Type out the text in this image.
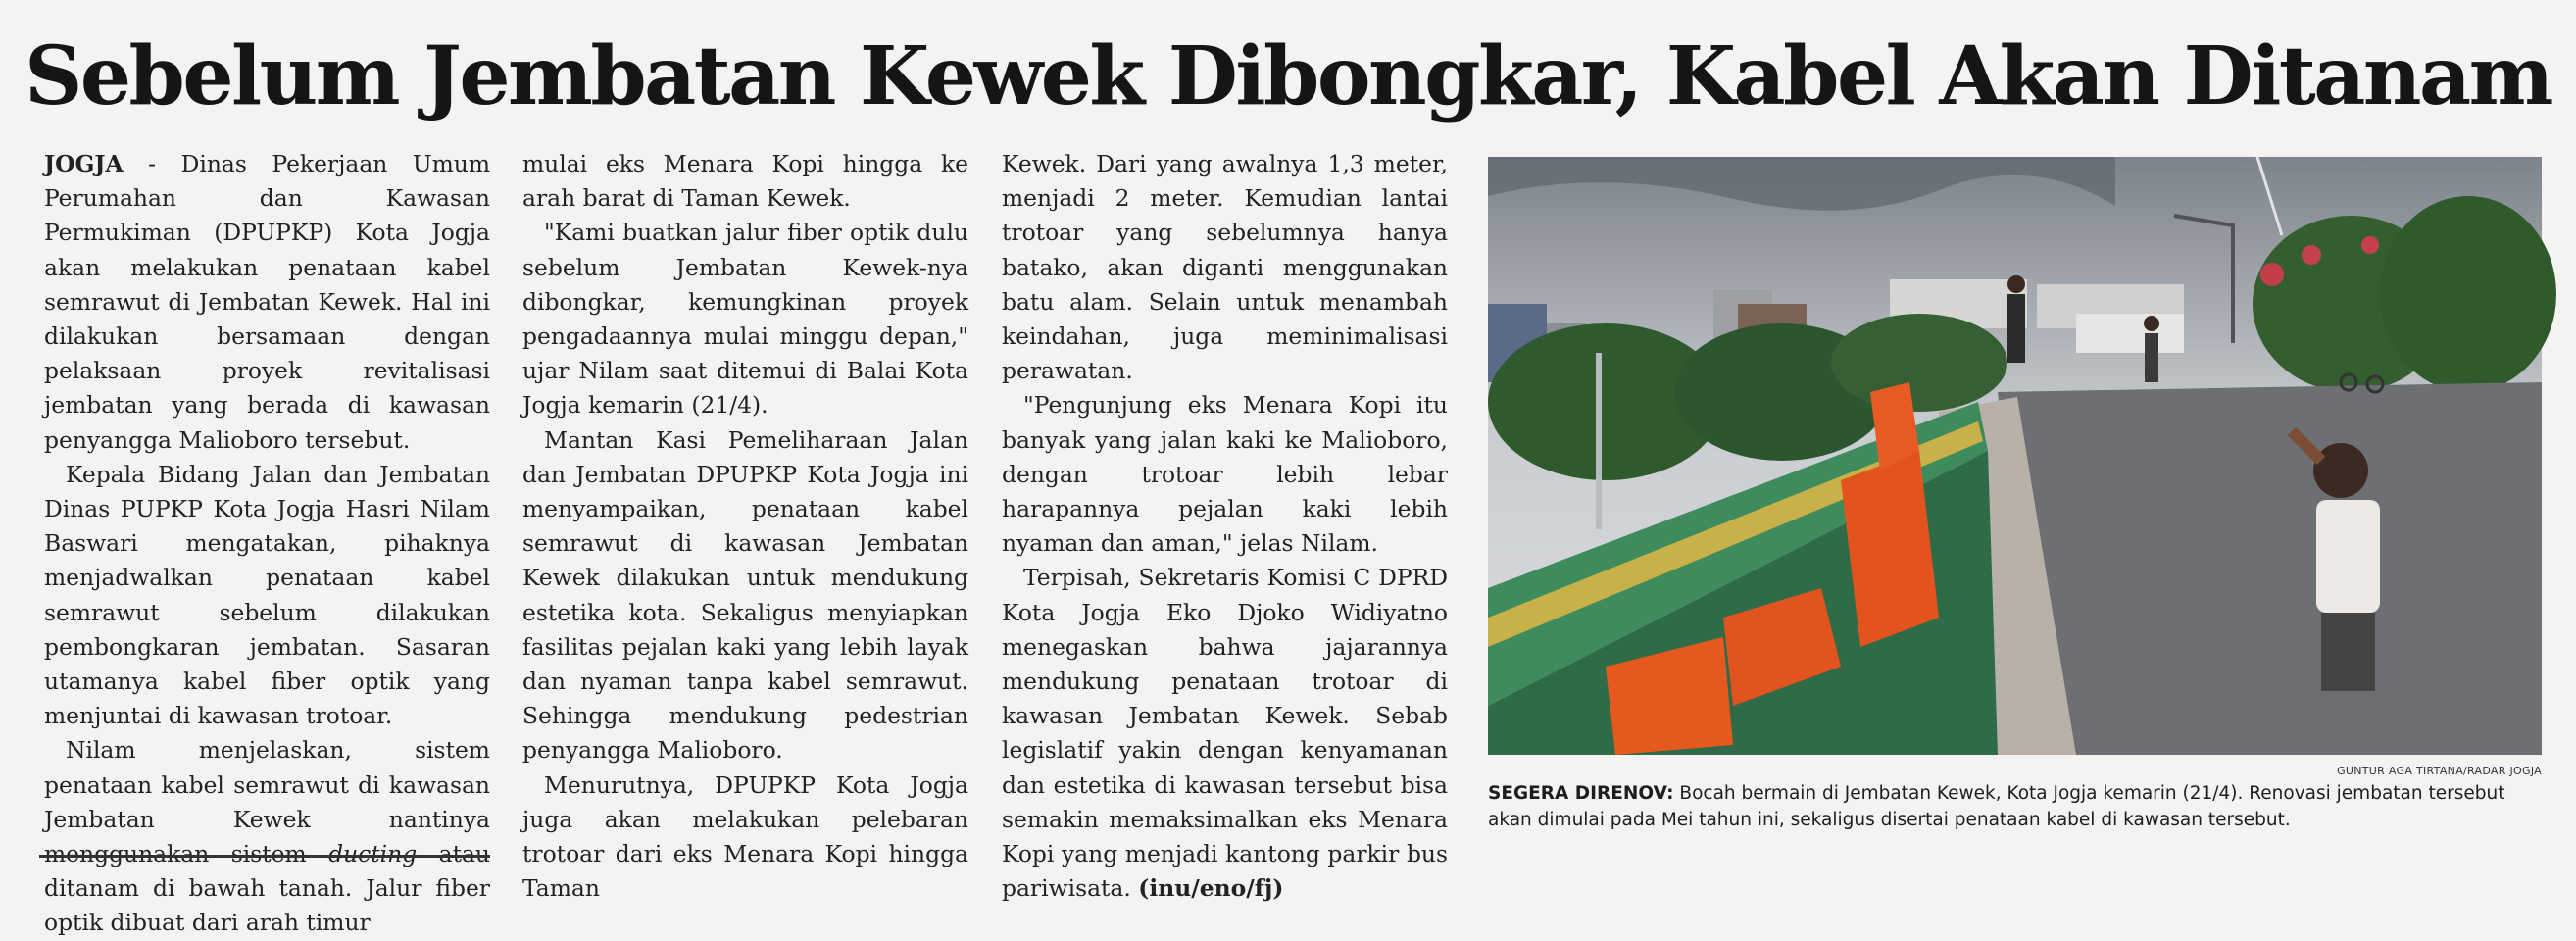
Sebelum Jembatan Kewek Dibongkar, Kabel Akan Ditanam

JOGJA - Dinas Pekerjaan Umum Perumahan dan Kawasan Permukiman (DPUPKP) Kota Jogja akan melakukan penataan kabel semrawut di Jembatan Kewek. Hal ini dilakukan bersamaan dengan pelaksaan proyek revitalisasi jembatan yang berada di kawasan penyangga Malioboro tersebut.

Kepala Bidang Jalan dan Jembatan Dinas PUPKP Kota Jogja Hasri Nilam Baswari mengatakan, pihaknya menjadwalkan penataan kabel semrawut sebelum dilakukan pembongkaran jembatan. Sasaran utamanya kabel fiber optik yang menjuntai di kawasan trotoar.

Nilam menjelaskan, sistem penataan kabel semrawut di kawasan Jembatan Kewek nantinya ditanam di bawah tanah. Jalur fiber optik dibuat dari arah timur

mulai eks Menara Kopi hingga ke arah barat di Taman Kewek.

"Kami buatkan jalur fiber optik dulu sebelum Jembatan Kewek-nya dibongkar, kemungkinan proyek pengadaannya mulai minggu depan," ujar Nilam saat ditemui di Balai Kota Jogja kemarin (21/4).

Mantan Kasi Pemeliharaan Jalan dan Jembatan DPUPKP Kota Jogja ini menyampaikan, penataan kabel semrawut di kawasan Jembatan Kewek dilakukan untuk mendukung estetika kota. Sekaligus menyiapkan fasilitas pejalan kaki yang lebih layak dan nyaman tanpa kabel semrawut. Sehingga mendukung pedestrian penyangga Malioboro.

Menurutnya, DPUPKP Kota Jogja juga akan melakukan pelebaran trotoar dari eks Menara Kopi hingga Taman

Kewek. Dari yang awalnya 1,3 meter, menjadi 2 meter. Kemudian lantai trotoar yang sebelumnya hanya batako, akan diganti menggunakan batu alam. Selain untuk menambah keindahan, juga meminimalisasi perawatan.

"Pengunjung eks Menara Kopi itu banyak yang jalan kaki ke Malioboro, dengan trotoar lebih lebar harapannya pejalan kaki lebih nyaman dan aman," jelas Nilam.

Terpisah, Sekretaris Komisi C DPRD Kota Jogja Eko Djoko Widiyatno menegaskan bahwa jajarannya mendukung penataan trotoar di kawasan Jembatan Kewek. Sebab legislatif yakin dengan kenyamanan dan estetika di kawasan tersebut bisa semakin memaksimalkan eks Menara Kopi yang menjadi kantong parkir bus pariwisata. (inu/eno/fj)

GUNTUR AGA TIRTANA/RADAR JOGJA
SEGERA DIRENOV: Bocah bermain di Jembatan Kewek, Kota Jogja kemarin (21/4). Renovasi jembatan tersebut akan dimulai pada Mei tahun ini, sekaligus disertai penataan kabel di kawasan tersebut.
